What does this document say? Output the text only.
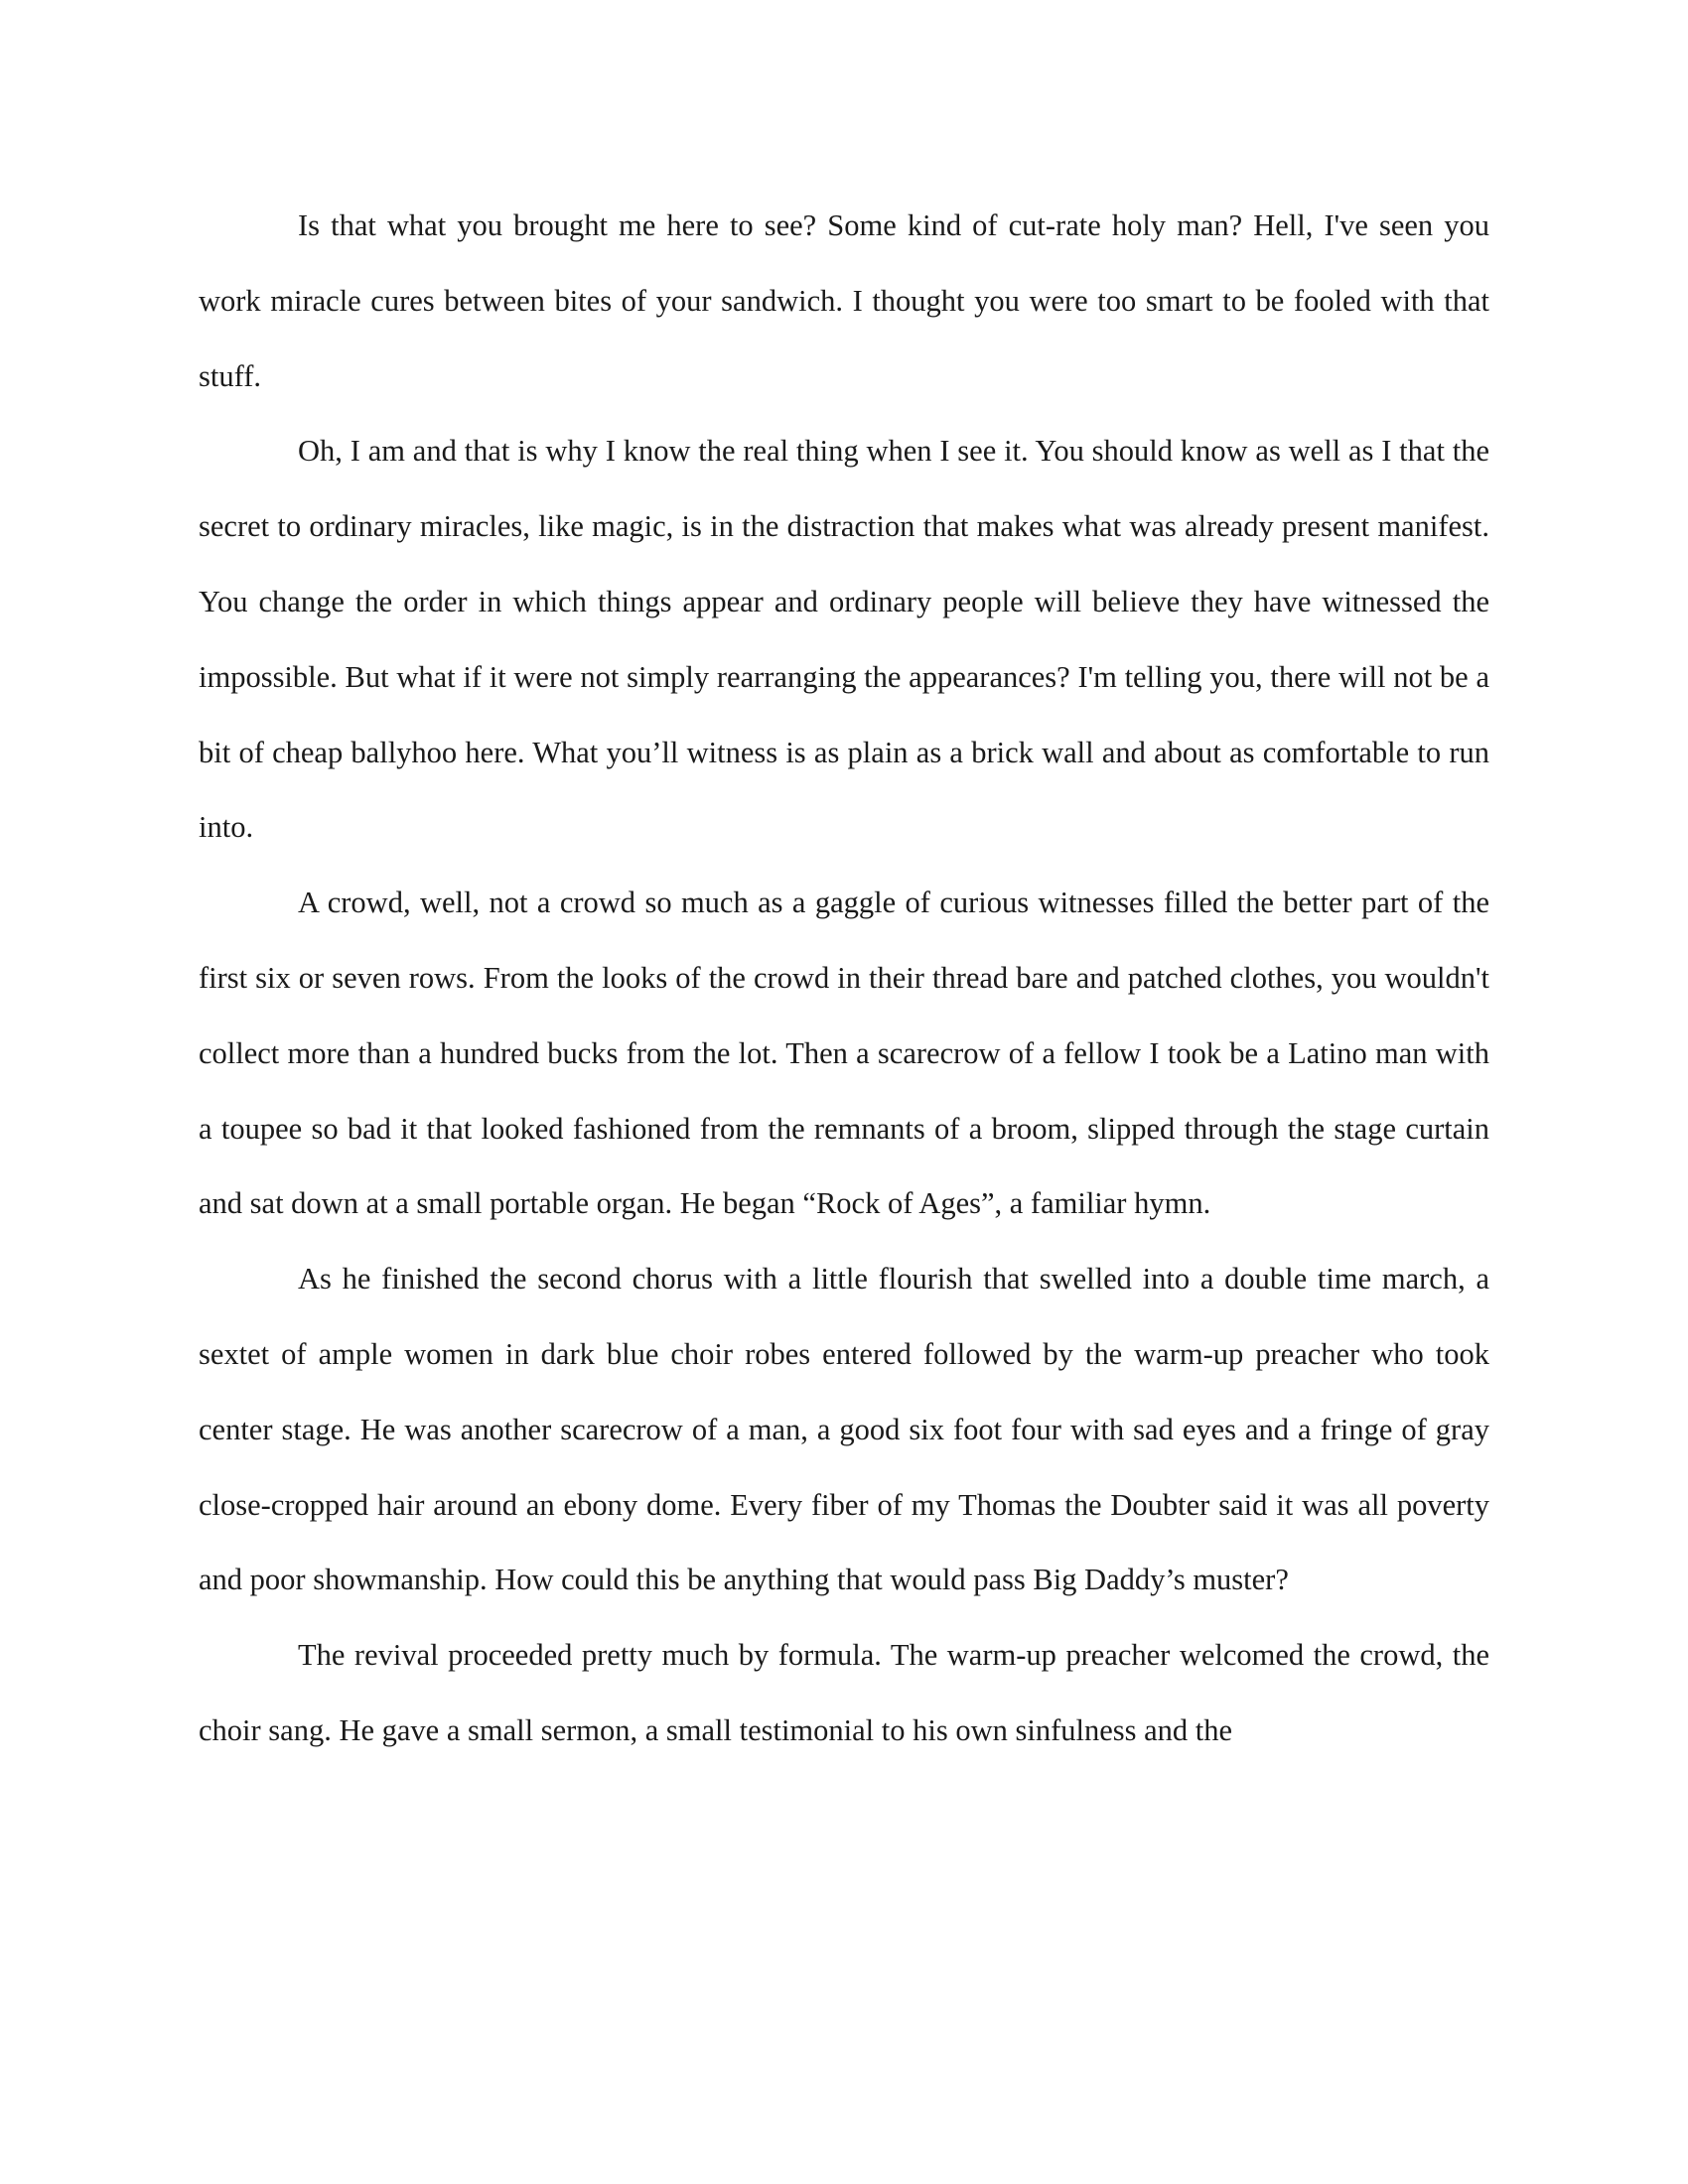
Is that what you brought me here to see? Some kind of cut-rate holy man? Hell, I've seen you work miracle cures between bites of your sandwich. I thought you were too smart to be fooled with that stuff.

Oh, I am and that is why I know the real thing when I see it. You should know as well as I that the secret to ordinary miracles, like magic, is in the distraction that makes what was already present manifest. You change the order in which things appear and ordinary people will believe they have witnessed the impossible. But what if it were not simply rearranging the appearances? I'm telling you, there will not be a bit of cheap ballyhoo here. What you’ll witness is as plain as a brick wall and about as comfortable to run into.

A crowd, well, not a crowd so much as a gaggle of curious witnesses filled the better part of the first six or seven rows. From the looks of the crowd in their thread bare and patched clothes, you wouldn't collect more than a hundred bucks from the lot. Then a scarecrow of a fellow I took be a Latino man with a toupee so bad it that looked fashioned from the remnants of a broom, slipped through the stage curtain and sat down at a small portable organ. He began “Rock of Ages”, a familiar hymn.

As he finished the second chorus with a little flourish that swelled into a double time march, a sextet of ample women in dark blue choir robes entered followed by the warm-up preacher who took center stage. He was another scarecrow of a man, a good six foot four with sad eyes and a fringe of gray close-cropped hair around an ebony dome. Every fiber of my Thomas the Doubter said it was all poverty and poor showmanship. How could this be anything that would pass Big Daddy’s muster?

The revival proceeded pretty much by formula. The warm-up preacher welcomed the crowd, the choir sang. He gave a small sermon, a small testimonial to his own sinfulness and the
